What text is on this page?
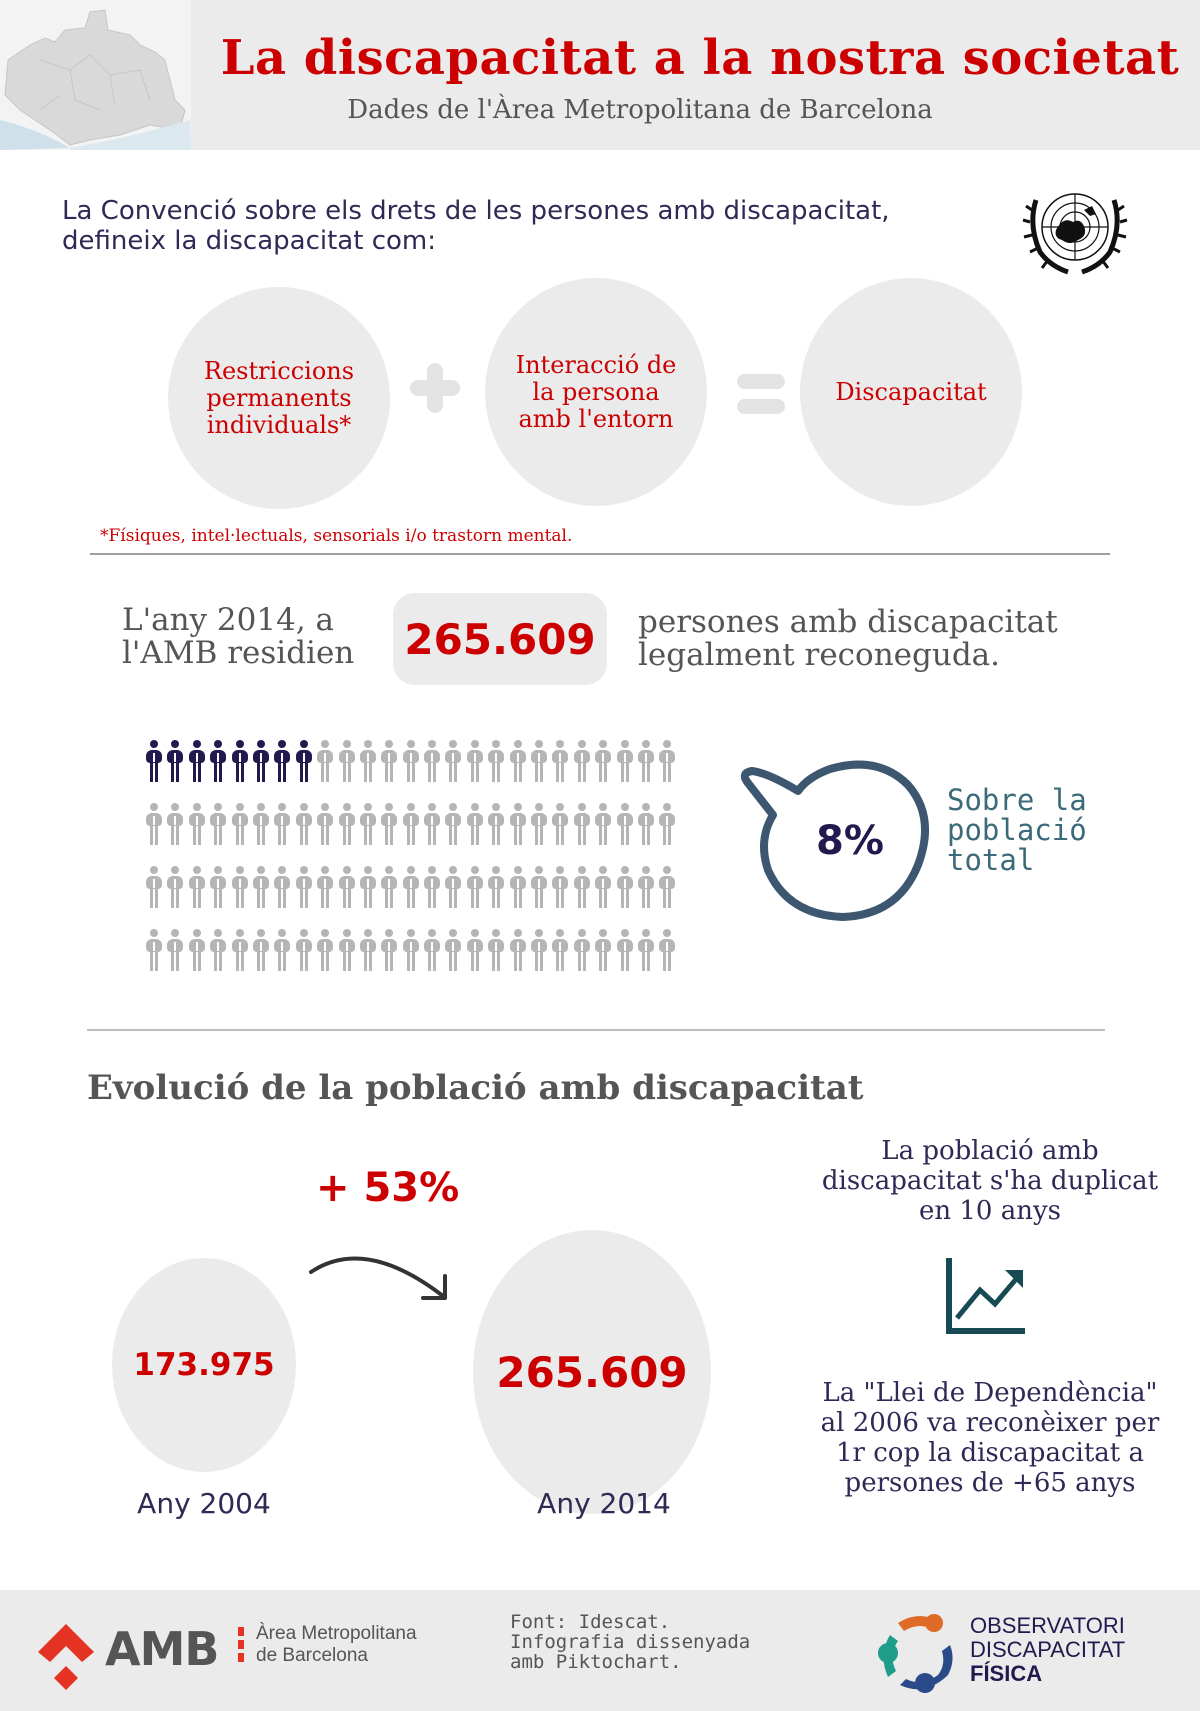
La discapacitat a la nostra societat
Dades de l'Àrea Metropolitana de Barcelona
La Convenció sobre els drets de les persones amb discapacitat,
defineix la discapacitat com:
Restriccions
permanents
individuals*
Interacció de
la persona
amb l'entorn
Discapacitat
*Físiques, intel·lectuals, sensorials i/o trastorn mental.
L'any 2014, a
l'AMB residien 265.609	persones amb discapacitat
legalment reconeguda.
8%
Sobre la
població
total
Evolució de la població amb discapacitat
+ 53%
173.975	265.609
Any 2004	Any 2014
La població amb
discapacitat s'ha duplicat
en 10 anys
La "Llei de Dependència"
al 2006 va reconèixer per
1r cop la discapacitat a
persones de +65 anys
AMB Àrea Metropolitana
de Barcelona
Font: Idescat.
Infografia dissenyada
amb Piktochart.
OBSERVATORI
DISCAPACITAT
FÍSICA
